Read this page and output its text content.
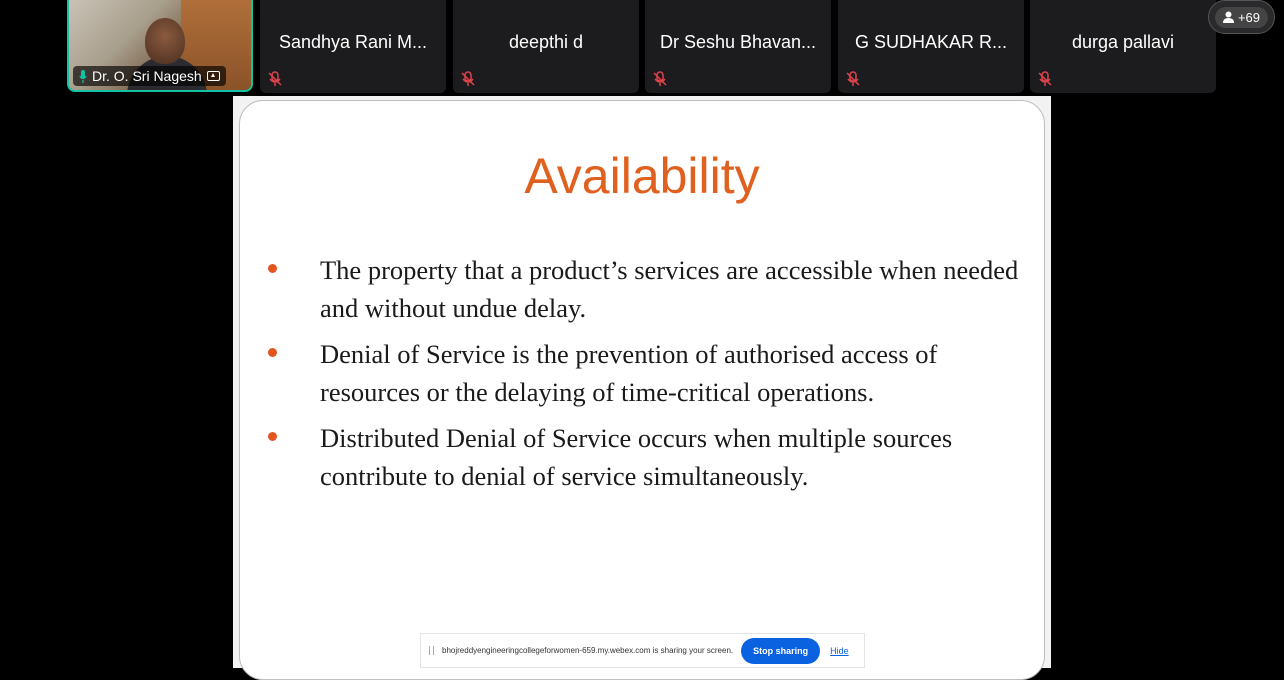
Dr. O. Sri Nagesh
Sandhya Rani M...	deepthi d	Dr Seshu Bhavan...	G SUDHAKAR R...	durga pallavi
+69
Availability
The property that a product’s services are accessible when needed and without undue delay.
Denial of Service is the prevention of authorised access of resources or the delaying of time-critical operations.
Distributed Denial of Service occurs when multiple sources contribute to denial of service simultaneously.
bhojreddyengineeringcollegeforwomen-659.my.webex.com is sharing your screen.	Stop sharing	Hide
